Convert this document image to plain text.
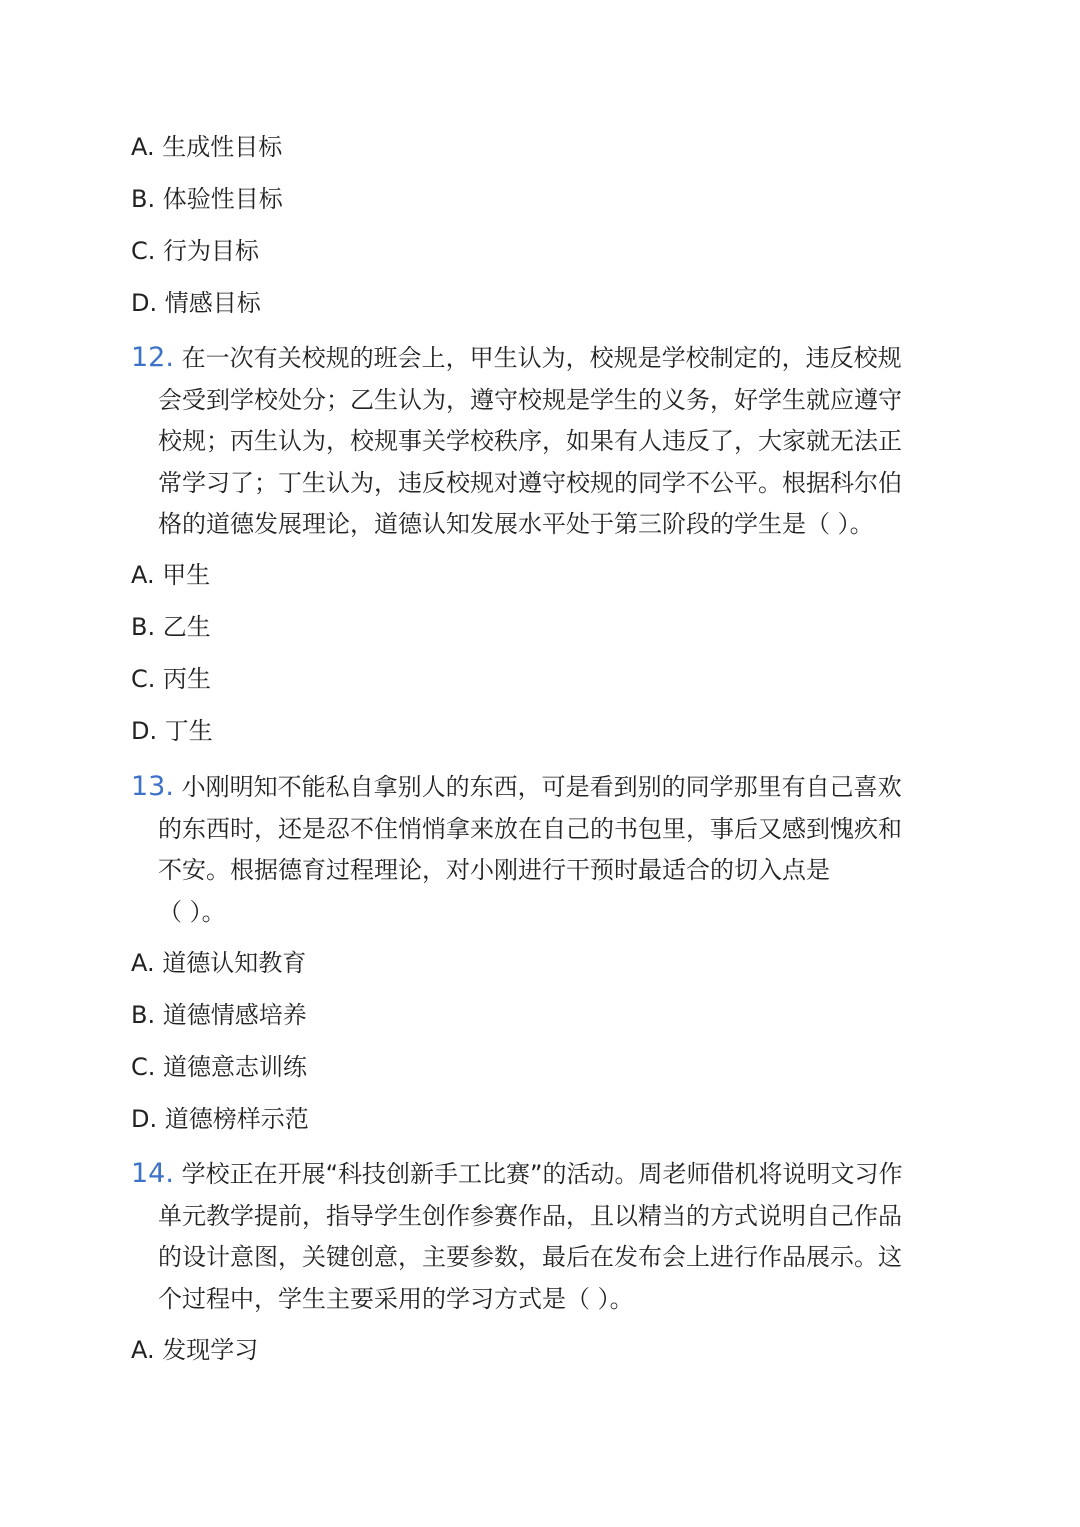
A. 生成性目标
B. 体验性目标
C. 行为目标
D. 情感目标
12. 在一次有关校规的班会上，甲生认为，校规是学校制定的，违反校规
会受到学校处分；乙生认为，遵守校规是学生的义务，好学生就应遵守
校规；丙生认为，校规事关学校秩序，如果有人违反了，大家就无法正
常学习了；丁生认为，违反校规对遵守校规的同学不公平。根据科尔伯
格的道德发展理论，道德认知发展水平处于第三阶段的学生是（ ）。
A. 甲生
B. 乙生
C. 丙生
D. 丁生
13. 小刚明知不能私自拿别人的东西，可是看到别的同学那里有自己喜欢
的东西时，还是忍不住悄悄拿来放在自己的书包里，事后又感到愧疚和
不安。根据德育过程理论，对小刚进行干预时最适合的切入点是
（ ）。
A. 道德认知教育
B. 道德情感培养
C. 道德意志训练
D. 道德榜样示范
14. 学校正在开展“科技创新手工比赛”的活动。周老师借机将说明文习作
单元教学提前，指导学生创作参赛作品，且以精当的方式说明自己作品
的设计意图，关键创意，主要参数，最后在发布会上进行作品展示。这
个过程中，学生主要采用的学习方式是（ ）。
A. 发现学习
